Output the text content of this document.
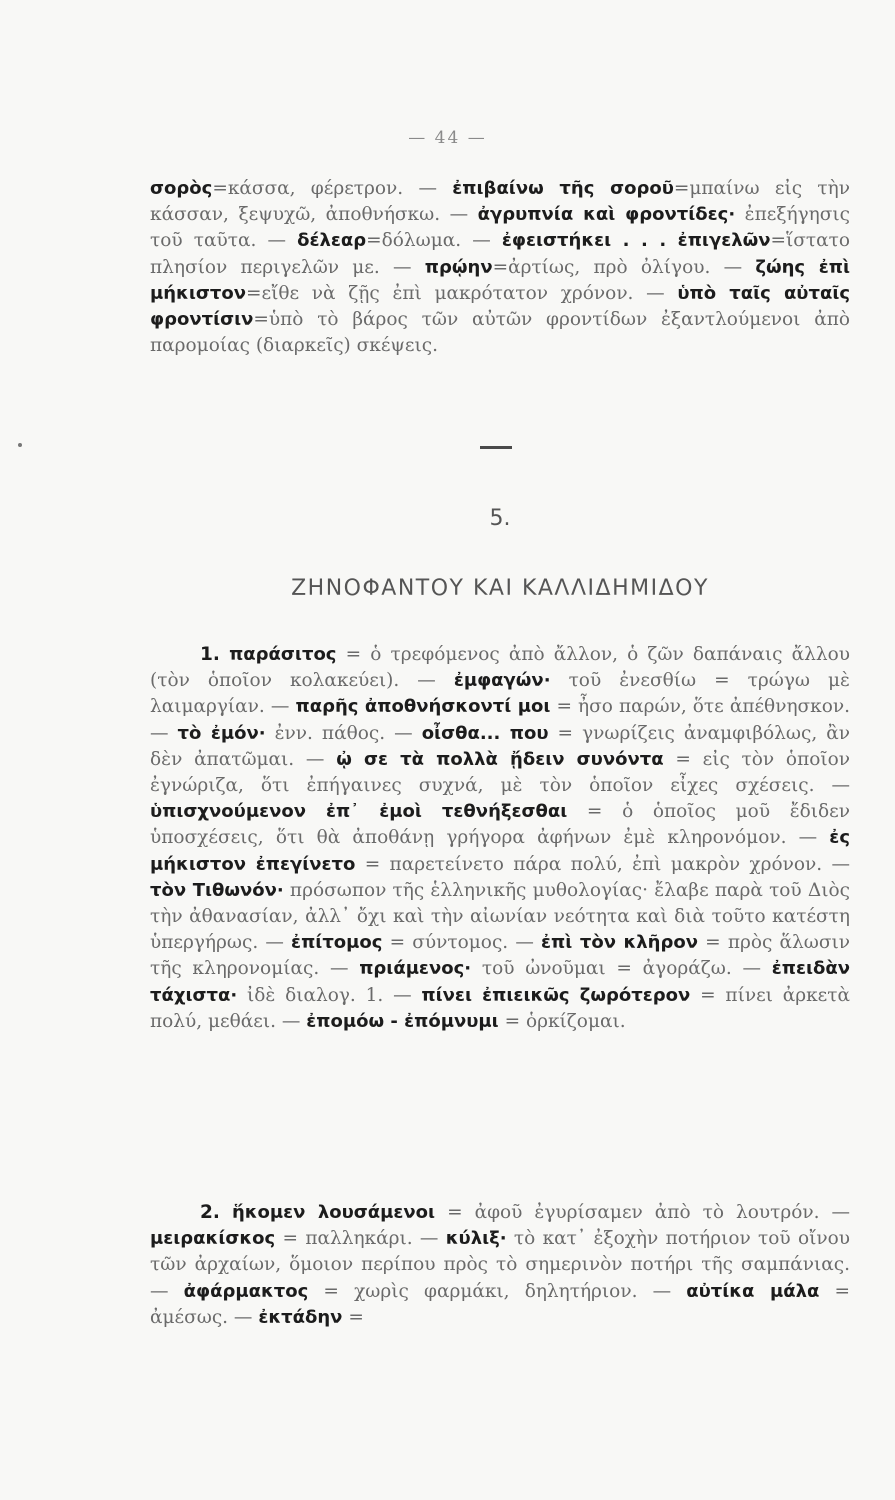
— 44 —

σορὸς=κάσσα, φέρετρον. — ἐπιβαίνω τῆς σοροῦ=μπαίνω εἰς τὴν κάσσαν, ξεψυχῶ, ἀποθνήσκω. — ἀγρυπνία καὶ φροντίδες· ἐπεξήγησις τοῦ ταῦτα. — δέλεαρ=δόλωμα. — ἐφειστήκει . . . ἐπιγελῶν=ἵστατο πλησίον περιγελῶν με. — πρῴην=ἀρτίως, πρὸ ὀλίγου. — ζώης ἐπὶ μήκιστον=εἴθε νὰ ζῇς ἐπὶ μακρότατον χρόνον. — ὑπὸ ταῖς αὐταῖς φροντίσιν=ὑπὸ τὸ βάρος τῶν αὐτῶν φροντίδων ἐξαντλούμενοι ἀπὸ παρομοίας (διαρκεῖς) σκέψεις.

5.
ΖΗΝΟΦΑΝΤΟΥ ΚΑΙ ΚΑΛΛΙΔΗΜΙΔΟΥ

1. παράσιτος = ὁ τρεφόμενος ἀπὸ ἄλλον, ὁ ζῶν δαπάναις ἄλλου (τὸν ὁποῖον κολακεύει). — ἐμφαγών· τοῦ ἐνεσθίω = τρώγω μὲ λαιμαργίαν. — παρῆς ἀποθνήσκοντί μοι = ἦσο παρών, ὅτε ἀπέθνησκον. — τὸ ἐμόν· ἐνν. πάθος. — οἶσθα... που = γνωρίζεις ἀναμφιβόλως, ἂν δὲν ἀπατῶμαι. — ᾠ σε τὰ πολλὰ ᾔδειν συνόντα = εἰς τὸν ὁποῖον ἐγνώριζα, ὅτι ἐπήγαινες συχνά, μὲ τὸν ὁποῖον εἶχες σχέσεις. — ὑπισχνούμενον ἐπ᾽ ἐμοὶ τεθνήξεσθαι = ὁ ὁποῖος μοῦ ἔδιδεν ὑποσχέσεις, ὅτι θὰ ἀποθάνῃ γρήγορα ἀφήνων ἐμὲ κληρονόμον. — ἐς μήκιστον ἐπεγίνετο = παρετείνετο πάρα πολύ, ἐπὶ μακρὸν χρόνον. — τὸν Τιθωνόν· πρόσωπον τῆς ἑλληνικῆς μυθολογίας· ἔλαβε παρὰ τοῦ Διὸς τὴν ἀθανασίαν, ἀλλ᾽ ὄχι καὶ τὴν αἰωνίαν νεότητα καὶ διὰ τοῦτο κατέστη ὑπεργήρως. — ἐπίτομος = σύντομος. — ἐπὶ τὸν κλῆρον = πρὸς ἅλωσιν τῆς κληρονομίας. — πριάμενος· τοῦ ὠνοῦμαι = ἀγοράζω. — ἐπειδὰν τάχιστα· ἰδὲ διαλογ. 1. — πίνει ἐπιεικῶς ζωρότερον = πίνει ἀρκετὰ πολύ, μεθάει. — ἐπομόω - ἐπόμνυμι = ὁρκίζομαι.

2. ἥκομεν λουσάμενοι = ἀφοῦ ἐγυρίσαμεν ἀπὸ τὸ λουτρόν. — μειρακίσκος = παλληκάρι. — κύλιξ· τὸ κατ᾽ ἐξοχὴν ποτήριον τοῦ οἴνου τῶν ἀρχαίων, ὅμοιον περίπου πρὸς τὸ σημερινὸν ποτήρι τῆς σαμπάνιας. — ἀφάρμακτος = χωρὶς φαρμάκι, δηλητήριον. — αὐτίκα μάλα = ἀμέσως. — ἐκτάδην =
